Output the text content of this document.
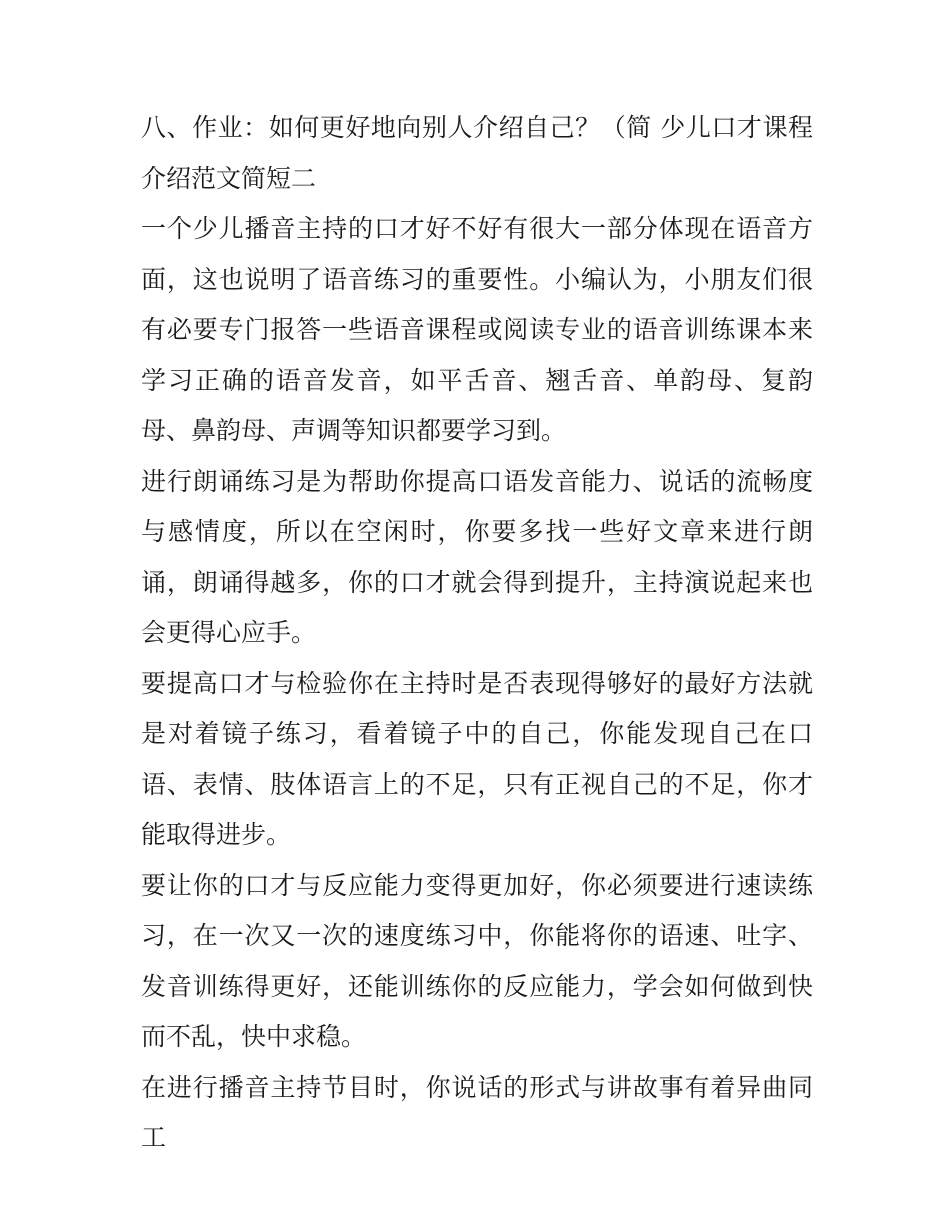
八、作业：如何更好地向别人介绍自己？（简 少儿口才课程介绍范文简短二

一个少儿播音主持的口才好不好有很大一部分体现在语音方面，这也说明了语音练习的重要性。小编认为，小朋友们很有必要专门报答一些语音课程或阅读专业的语音训练课本来学习正确的语音发音，如平舌音、翘舌音、单韵母、复韵母、鼻韵母、声调等知识都要学习到。

进行朗诵练习是为帮助你提高口语发音能力、说话的流畅度与感情度，所以在空闲时，你要多找一些好文章来进行朗诵，朗诵得越多，你的口才就会得到提升，主持演说起来也会更得心应手。

要提高口才与检验你在主持时是否表现得够好的最好方法就是对着镜子练习，看着镜子中的自己，你能发现自己在口语、表情、肢体语言上的不足，只有正视自己的不足，你才能取得进步。

要让你的口才与反应能力变得更加好，你必须要进行速读练习，在一次又一次的速度练习中，你能将你的语速、吐字、发音训练得更好，还能训练你的反应能力，学会如何做到快而不乱，快中求稳。

在进行播音主持节目时，你说话的形式与讲故事有着异曲同工
